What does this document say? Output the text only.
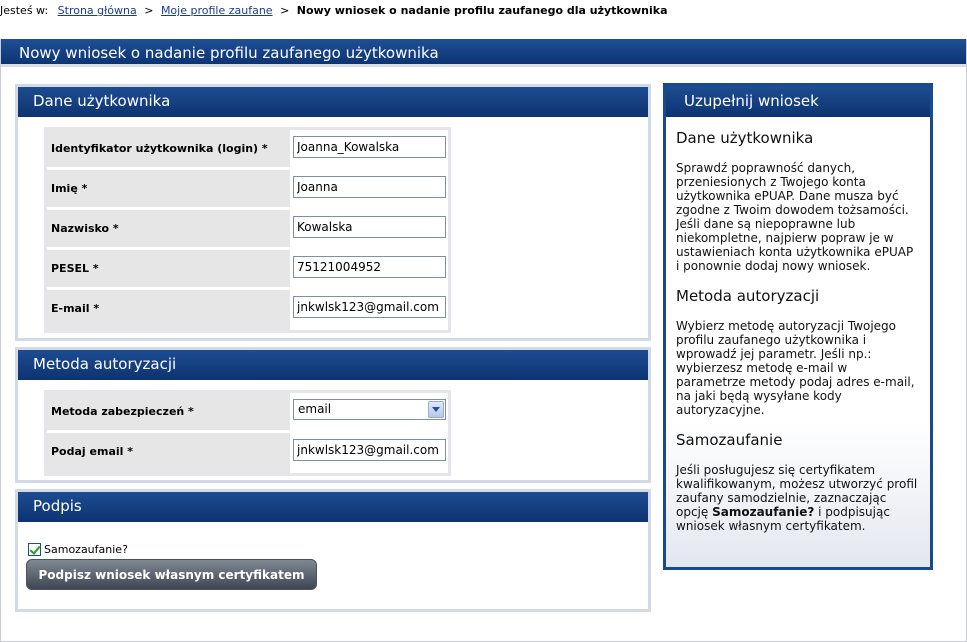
Jesteś w: Strona główna > Moje profile zaufane > Nowy wniosek o nadanie profilu zaufanego dla użytkownika
Nowy wniosek o nadanie profilu zaufanego użytkownika
Dane użytkownika
Identyfikator użytkownika (login) *
Joanna_Kowalska
Imię *
Joanna
Nazwisko *
Kowalska
PESEL *
75121004952
E-mail *
jnkwlsk123@gmail.com
Metoda autoryzacji
Metoda zabezpieczeń *	email
Podaj email *
jnkwlsk123@gmail.com
Podpis
Samozaufanie?
Podpisz wniosek własnym certyfikatem
Uzupełnij wniosek
Dane użytkownika
Sprawdź poprawność danych, przeniesionych z Twojego konta użytkownika ePUAP. Dane musza być zgodne z Twoim dowodem tożsamości. Jeśli dane są niepoprawne lub niekompletne, najpierw popraw je w ustawieniach konta użytkownika ePUAP i ponownie dodaj nowy wniosek.
Metoda autoryzacji
Wybierz metodę autoryzacji Twojego profilu zaufanego użytkownika i wprowadź jej parametr. Jeśli np.: wybierzesz metodę e-mail w parametrze metody podaj adres e-mail, na jaki będą wysyłane kody autoryzacyjne.
Samozaufanie
Jeśli posługujesz się certyfikatem kwalifikowanym, możesz utworzyć profil zaufany samodzielnie, zaznaczając opcję Samozaufanie? i podpisując wniosek własnym certyfikatem.
